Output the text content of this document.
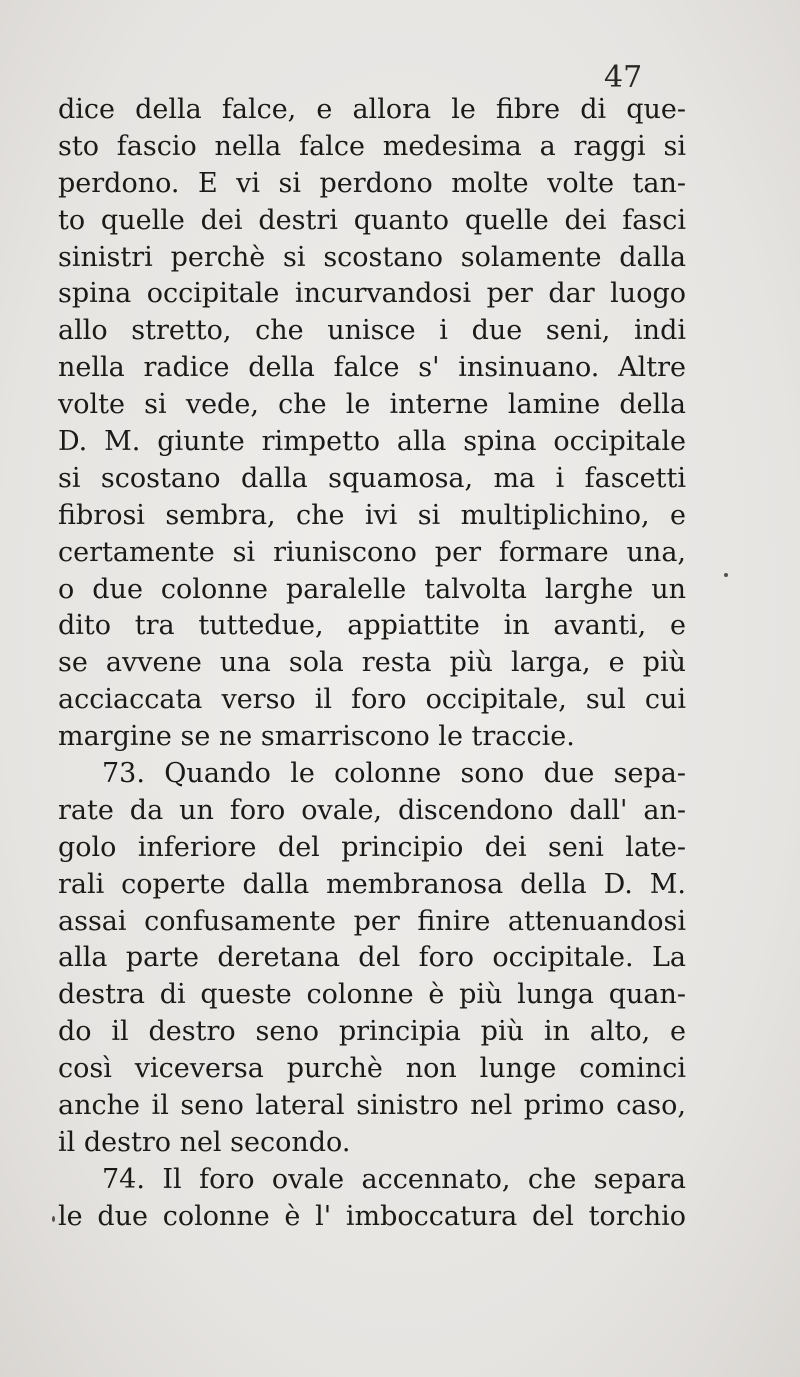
47
dice della falce, e allora le fibre di que-
sto fascio nella falce medesima a raggi si
perdono. E vi si perdono molte volte tan-
to quelle dei destri quanto quelle dei fasci
sinistri perchè si scostano solamente dalla
spina occipitale incurvandosi per dar luogo
allo stretto, che unisce i due seni, indi
nella radice della falce s' insinuano. Altre
volte si vede, che le interne lamine della
D. M. giunte rimpetto alla spina occipitale
si scostano dalla squamosa, ma i fascetti
fibrosi sembra, che ivi si multiplichino, e
certamente si riuniscono per formare una,
o due colonne paralelle talvolta larghe un
dito tra tuttedue, appiattite in avanti, e
se avvene una sola resta più larga, e più
acciaccata verso il foro occipitale, sul cui
margine se ne smarriscono le traccie.
73. Quando le colonne sono due sepa-
rate da un foro ovale, discendono dall' an-
golo inferiore del principio dei seni late-
rali coperte dalla membranosa della D. M.
assai confusamente per finire attenuandosi
alla parte deretana del foro occipitale. La
destra di queste colonne è più lunga quan-
do il destro seno principia più in alto, e
così viceversa purchè non lunge cominci
anche il seno lateral sinistro nel primo caso,
il destro nel secondo.
74. Il foro ovale accennato, che separa
le due colonne è l' imboccatura del torchio
